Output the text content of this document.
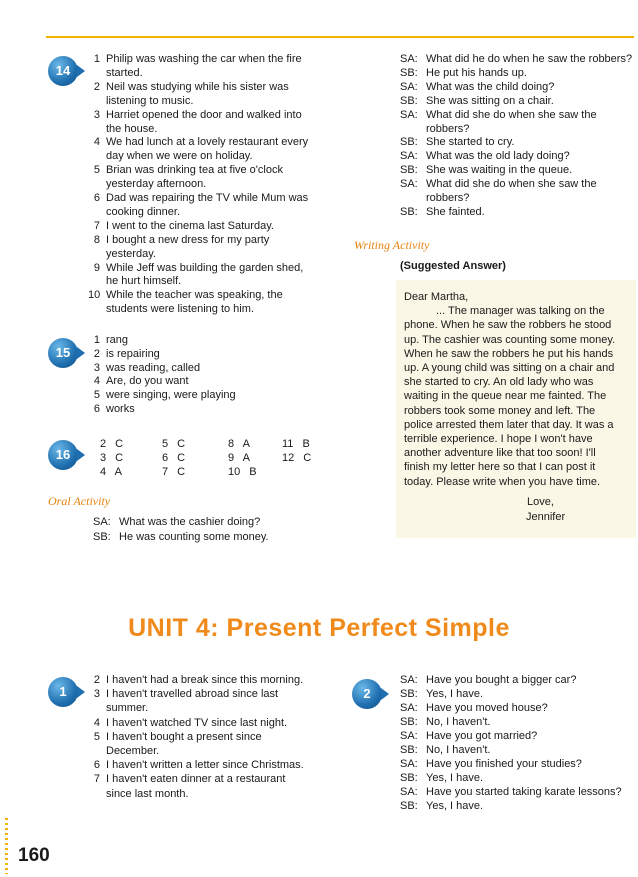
14
1 Philip was washing the car when the fire
started.
2 Neil was studying while his sister was
listening to music.
3 Harriet opened the door and walked into
the house.
4 We had lunch at a lovely restaurant every
day when we were on holiday.
5 Brian was drinking tea at five o'clock
yesterday afternoon.
6 Dad was repairing the TV while Mum was
cooking dinner.
7 I went to the cinema last Saturday.
8 I bought a new dress for my party
yesterday.
9 While Jeff was building the garden shed,
he hurt himself.
10 While the teacher was speaking, the
students were listening to him.
15
1 rang
2 is repairing
3 was reading, called
4 Are, do you want
5 were singing, were playing
6 works
16
2 C	5 C	8 A	11 B
3 C	6 C	9 A	12 C
4 A	7 C	10 B
Oral Activity
SA: What was the cashier doing?
SB: He was counting some money.
SA: What did he do when he saw the robbers?
SB: He put his hands up.
SA: What was the child doing?
SB: She was sitting on a chair.
SA: What did she do when she saw the
robbers?
SB: She started to cry.
SA: What was the old lady doing?
SB: She was waiting in the queue.
SA: What did she do when she saw the
robbers?
SB: She fainted.
Writing Activity
(Suggested Answer)
Dear Martha,
... The manager was talking on the
phone. When he saw the robbers he stood
up. The cashier was counting some money.
When he saw the robbers he put his hands
up. A young child was sitting on a chair and
she started to cry. An old lady who was
waiting in the queue near me fainted. The
robbers took some money and left. The
police arrested them later that day. It was a
terrible experience. I hope I won't have
another adventure like that too soon! I'll
finish my letter here so that I can post it
today. Please write when you have time.
Love,
Jennifer
UNIT 4: Present Perfect Simple
1
2 I haven't had a break since this morning.
3 I haven't travelled abroad since last
summer.
4 I haven't watched TV since last night.
5 I haven't bought a present since
December.
6 I haven't written a letter since Christmas.
7 I haven't eaten dinner at a restaurant
since last month.
2
SA: Have you bought a bigger car?
SB: Yes, I have.
SA: Have you moved house?
SB: No, I haven't.
SA: Have you got married?
SB: No, I haven't.
SA: Have you finished your studies?
SB: Yes, I have.
SA: Have you started taking karate lessons?
SB: Yes, I have.
160
